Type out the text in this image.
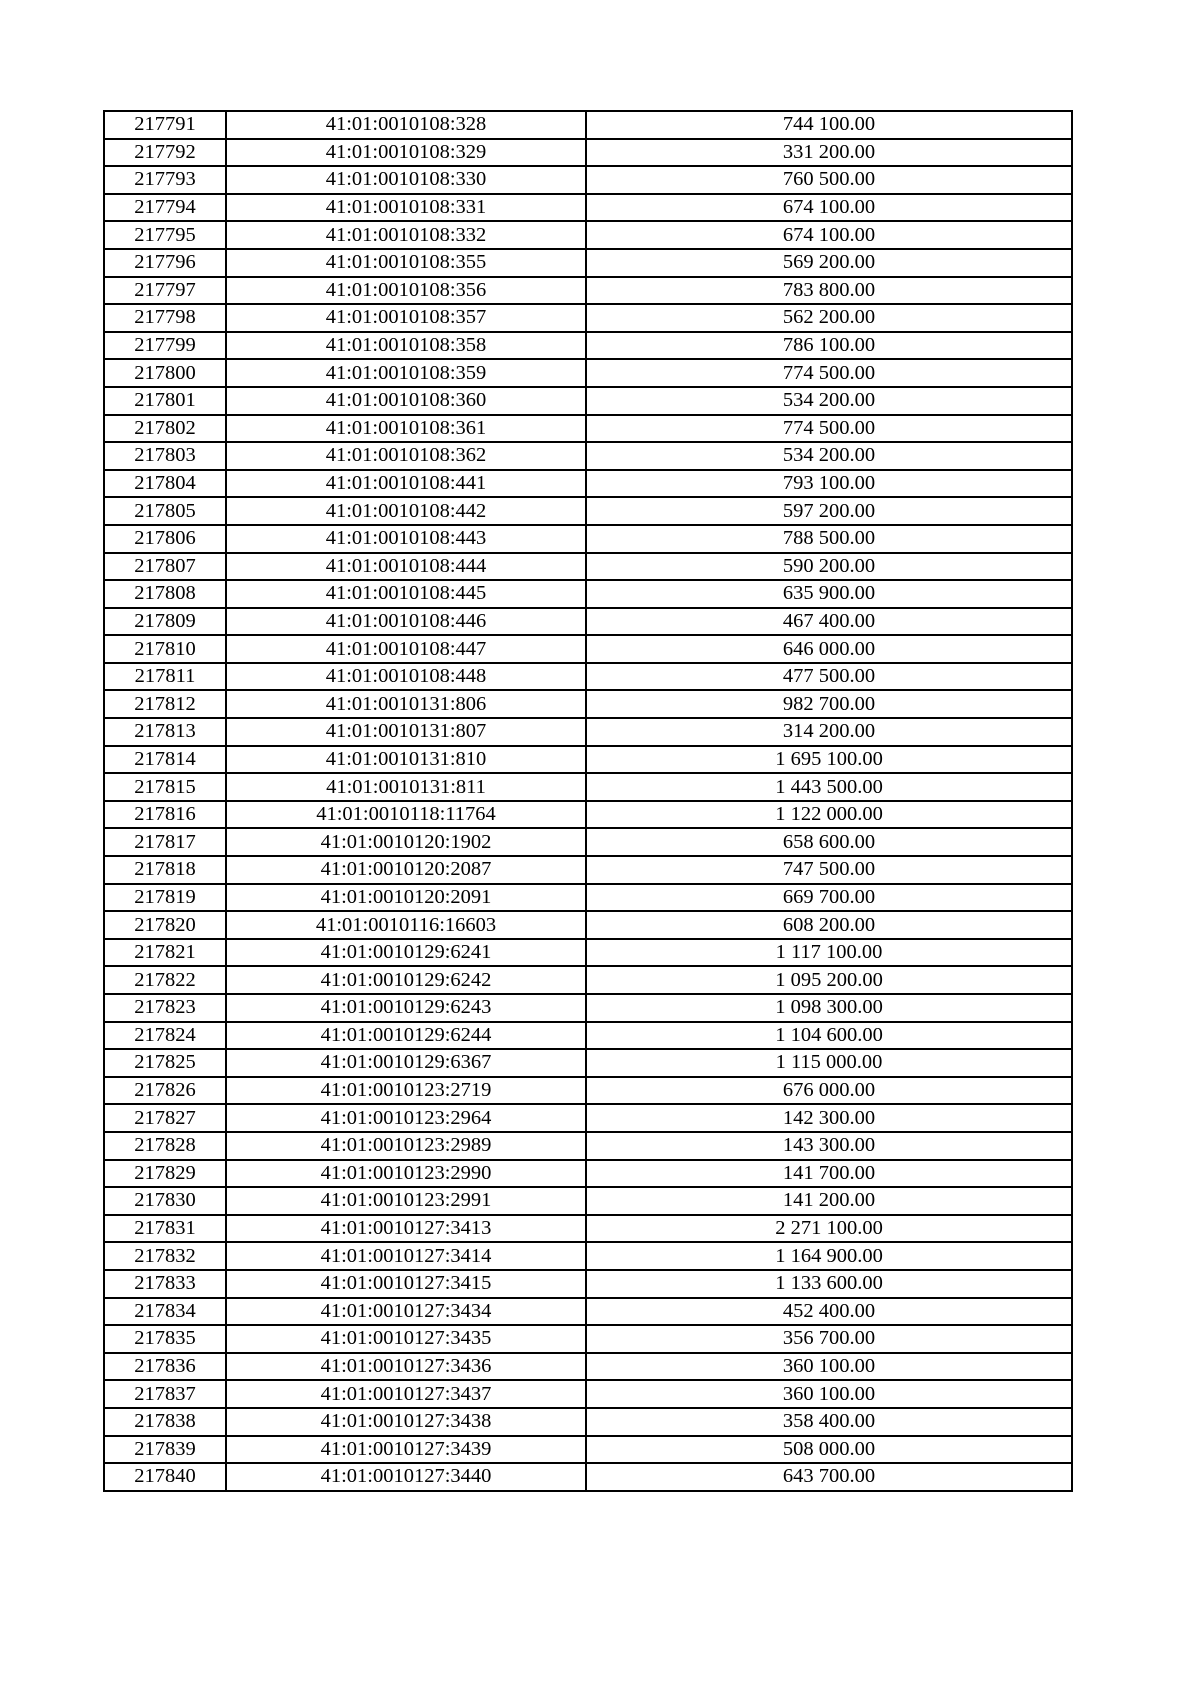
217791	41:01:0010108:328	744 100.00
217792	41:01:0010108:329	331 200.00
217793	41:01:0010108:330	760 500.00
217794	41:01:0010108:331	674 100.00
217795	41:01:0010108:332	674 100.00
217796	41:01:0010108:355	569 200.00
217797	41:01:0010108:356	783 800.00
217798	41:01:0010108:357	562 200.00
217799	41:01:0010108:358	786 100.00
217800	41:01:0010108:359	774 500.00
217801	41:01:0010108:360	534 200.00
217802	41:01:0010108:361	774 500.00
217803	41:01:0010108:362	534 200.00
217804	41:01:0010108:441	793 100.00
217805	41:01:0010108:442	597 200.00
217806	41:01:0010108:443	788 500.00
217807	41:01:0010108:444	590 200.00
217808	41:01:0010108:445	635 900.00
217809	41:01:0010108:446	467 400.00
217810	41:01:0010108:447	646 000.00
217811	41:01:0010108:448	477 500.00
217812	41:01:0010131:806	982 700.00
217813	41:01:0010131:807	314 200.00
217814	41:01:0010131:810	1 695 100.00
217815	41:01:0010131:811	1 443 500.00
217816	41:01:0010118:11764	1 122 000.00
217817	41:01:0010120:1902	658 600.00
217818	41:01:0010120:2087	747 500.00
217819	41:01:0010120:2091	669 700.00
217820	41:01:0010116:16603	608 200.00
217821	41:01:0010129:6241	1 117 100.00
217822	41:01:0010129:6242	1 095 200.00
217823	41:01:0010129:6243	1 098 300.00
217824	41:01:0010129:6244	1 104 600.00
217825	41:01:0010129:6367	1 115 000.00
217826	41:01:0010123:2719	676 000.00
217827	41:01:0010123:2964	142 300.00
217828	41:01:0010123:2989	143 300.00
217829	41:01:0010123:2990	141 700.00
217830	41:01:0010123:2991	141 200.00
217831	41:01:0010127:3413	2 271 100.00
217832	41:01:0010127:3414	1 164 900.00
217833	41:01:0010127:3415	1 133 600.00
217834	41:01:0010127:3434	452 400.00
217835	41:01:0010127:3435	356 700.00
217836	41:01:0010127:3436	360 100.00
217837	41:01:0010127:3437	360 100.00
217838	41:01:0010127:3438	358 400.00
217839	41:01:0010127:3439	508 000.00
217840	41:01:0010127:3440	643 700.00
